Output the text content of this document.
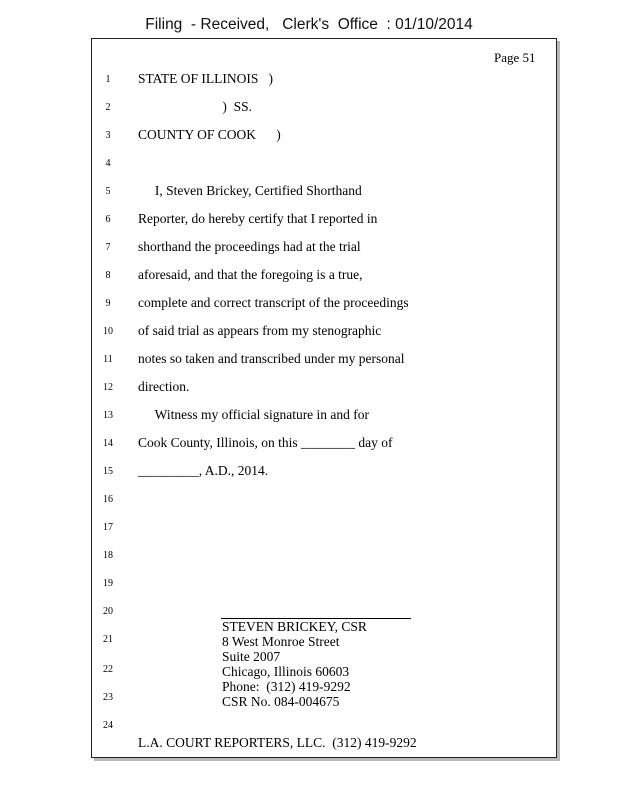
Filing  - Received,   Clerk's  Office  : 01/10/2014
Page 51
1	STATE OF ILLINOIS   )
2	)  SS.
3	COUNTY OF COOK      )
4
5	I, Steven Brickey, Certified Shorthand
6	Reporter, do hereby certify that I reported in
7	shorthand the proceedings had at the trial
8	aforesaid, and that the foregoing is a true,
9	complete and correct transcript of the proceedings
10	of said trial as appears from my stenographic
11	notes so taken and transcribed under my personal
12	direction.
13	Witness my official signature in and for
14	Cook County, Illinois, on this ________ day of
15	_________, A.D., 2014.
16
17
18
19
20
21
22
23
24
STEVEN BRICKEY, CSR
8 West Monroe Street
Suite 2007
Chicago, Illinois 60603
Phone:  (312) 419-9292
CSR No. 084-004675
L.A. COURT REPORTERS, LLC.  (312) 419-9292
